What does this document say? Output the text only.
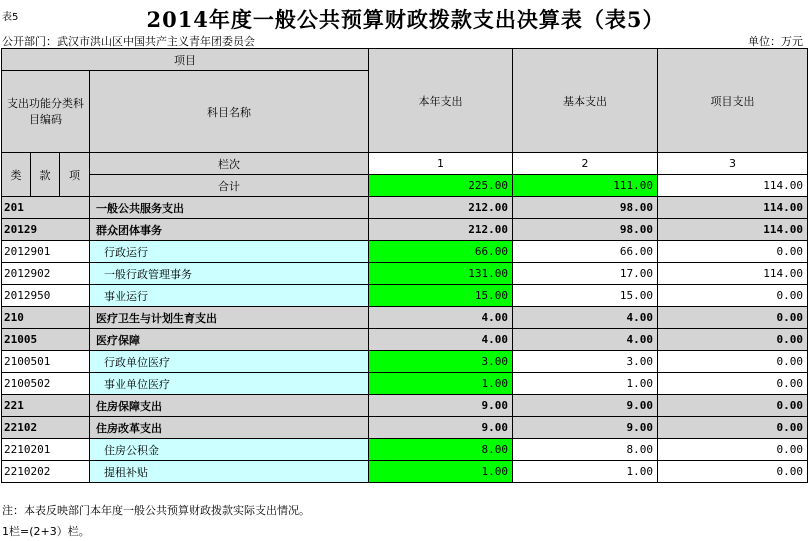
表5	2014年度一般公共预算财政拨款支出决算表（表5）
公开部门：武汉市洪山区中国共产主义青年团委员会	单位：万元
项目				本年支出	基本支出	项目支出
支出功能分类科目编码			科目名称			
类	款	项	栏次	1	2	3
			合计	225.00	111.00	114.00
201			一般公共服务支出	212.00	98.00	114.00
20129			群众团体事务	212.00	98.00	114.00
2012901			行政运行	66.00	66.00	0.00
2012902			一般行政管理事务	131.00	17.00	114.00
2012950			事业运行	15.00	15.00	0.00
210			医疗卫生与计划生育支出	4.00	4.00	0.00
21005			医疗保障	4.00	4.00	0.00
2100501			行政单位医疗	3.00	3.00	0.00
2100502			事业单位医疗	1.00	1.00	0.00
221			住房保障支出	9.00	9.00	0.00
22102			住房改革支出	9.00	9.00	0.00
2210201			住房公积金	8.00	8.00	0.00
2210202			提租补贴	1.00	1.00	0.00
注：本表反映部门本年度一般公共预算财政拨款实际支出情况。
1栏=(2+3）栏。
